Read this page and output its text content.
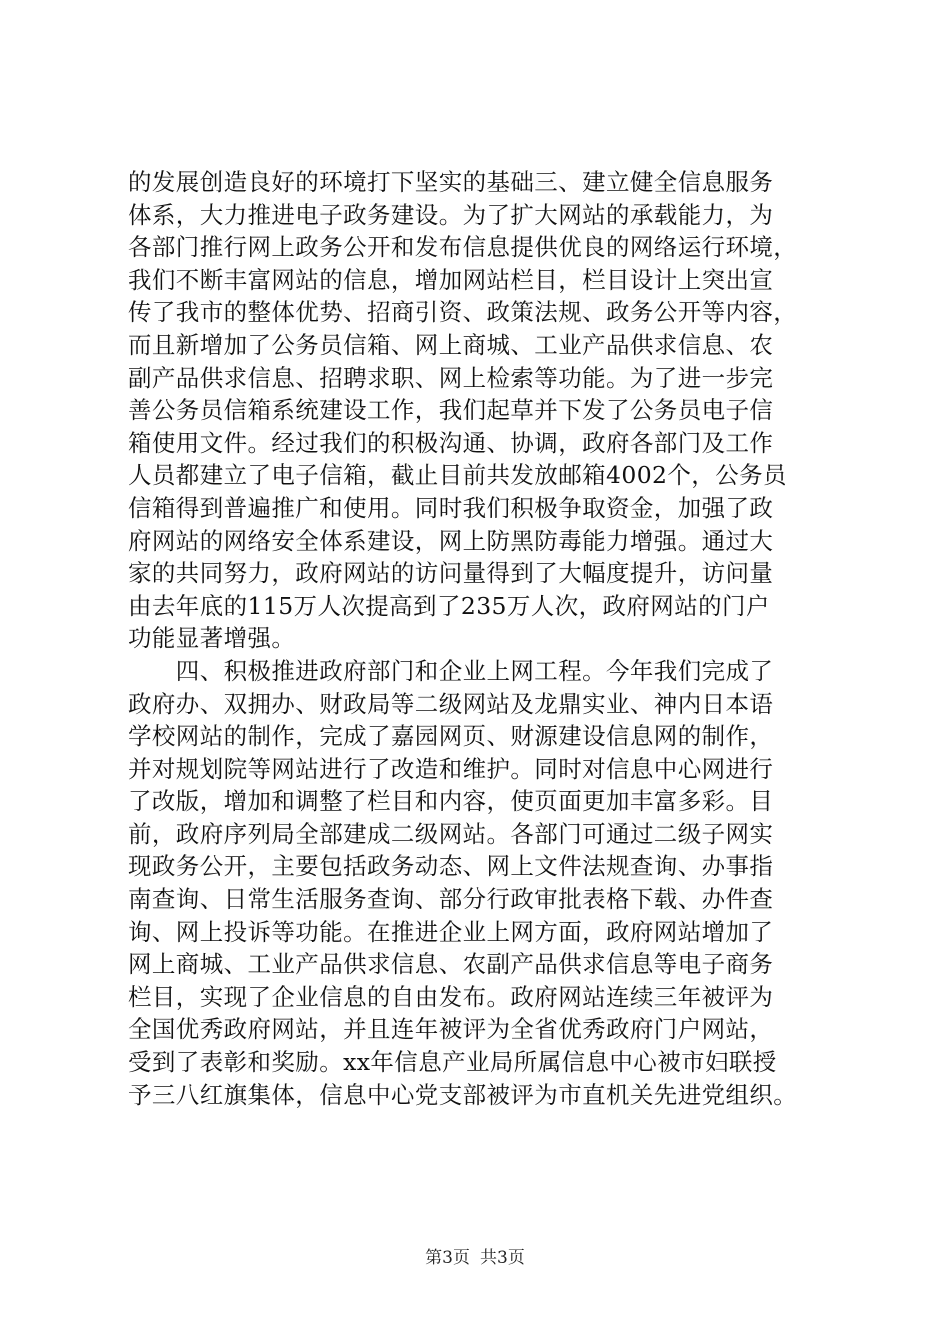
的发展创造良好的环境打下坚实的基础三、建立健全信息服务
体系，大力推进电子政务建设。为了扩大网站的承载能力，为
各部门推行网上政务公开和发布信息提供优良的网络运行环境，
我们不断丰富网站的信息，增加网站栏目，栏目设计上突出宣
传了我市的整体优势、招商引资、政策法规、政务公开等内容，
而且新增加了公务员信箱、网上商城、工业产品供求信息、农
副产品供求信息、招聘求职、网上检索等功能。为了进一步完
善公务员信箱系统建设工作，我们起草并下发了公务员电子信
箱使用文件。经过我们的积极沟通、协调，政府各部门及工作
人员都建立了电子信箱，截止目前共发放邮箱4002个，公务员
信箱得到普遍推广和使用。同时我们积极争取资金，加强了政
府网站的网络安全体系建设，网上防黑防毒能力增强。通过大
家的共同努力，政府网站的访问量得到了大幅度提升，访问量
由去年底的115万人次提高到了235万人次，政府网站的门户
功能显著增强。
　　四、积极推进政府部门和企业上网工程。今年我们完成了
政府办、双拥办、财政局等二级网站及龙鼎实业、神内日本语
学校网站的制作，完成了嘉园网页、财源建设信息网的制作，
并对规划院等网站进行了改造和维护。同时对信息中心网进行
了改版，增加和调整了栏目和内容，使页面更加丰富多彩。目
前，政府序列局全部建成二级网站。各部门可通过二级子网实
现政务公开，主要包括政务动态、网上文件法规查询、办事指
南查询、日常生活服务查询、部分行政审批表格下载、办件查
询、网上投诉等功能。在推进企业上网方面，政府网站增加了
网上商城、工业产品供求信息、农副产品供求信息等电子商务
栏目，实现了企业信息的自由发布。政府网站连续三年被评为
全国优秀政府网站，并且连年被评为全省优秀政府门户网站，
受到了表彰和奖励。xx年信息产业局所属信息中心被市妇联授
予三八红旗集体，信息中心党支部被评为市直机关先进党组织。
第3页 共3页
